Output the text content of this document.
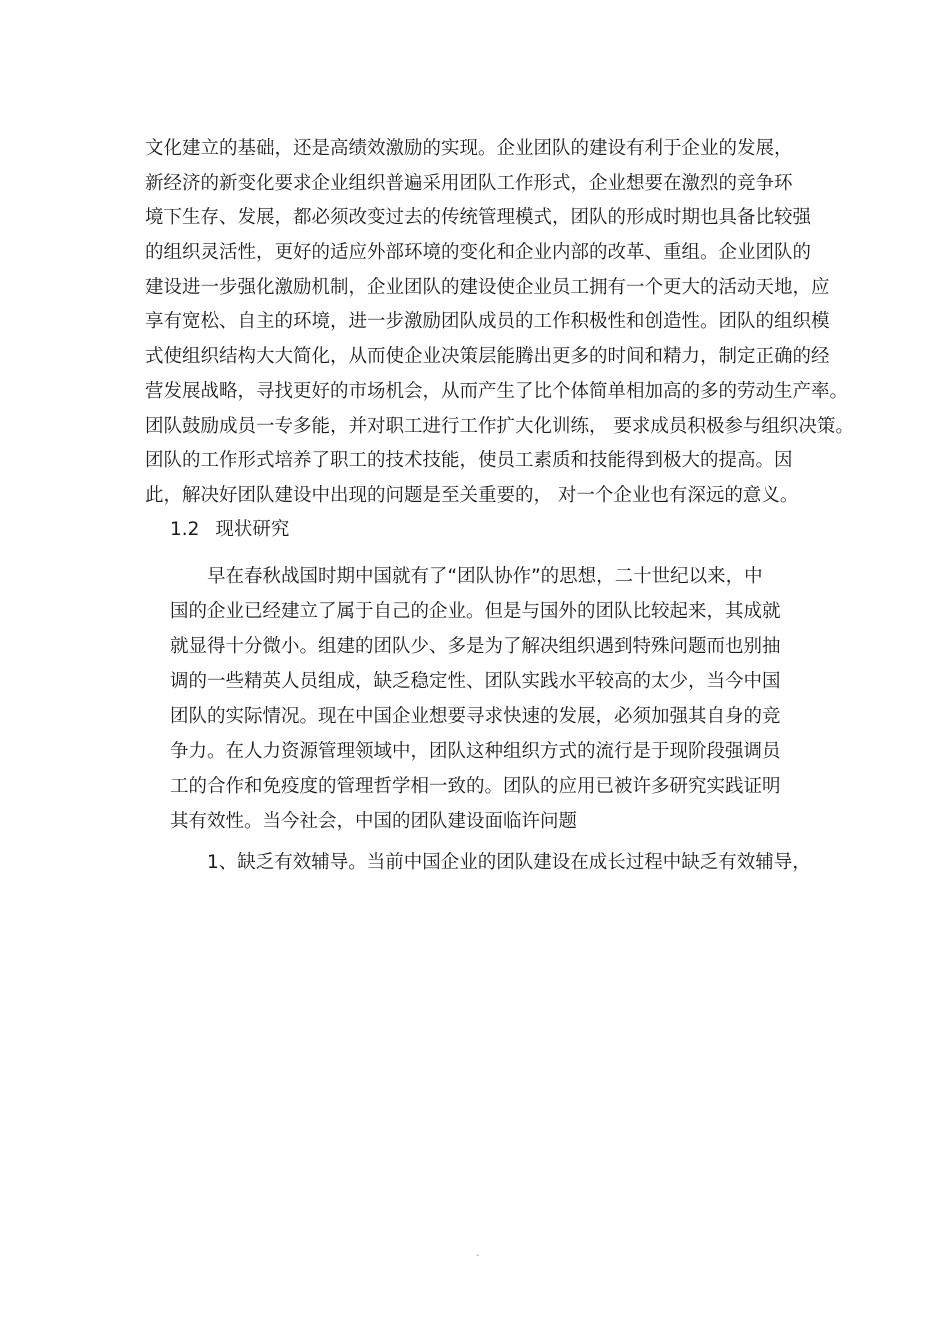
文化建立的基础，还是高绩效激励的实现。企业团队的建设有利于企业的发展，
新经济的新变化要求企业组织普遍采用团队工作形式，企业想要在激烈的竞争环
境下生存、发展，都必须改变过去的传统管理模式，团队的形成时期也具备比较强
的组织灵活性，更好的适应外部环境的变化和企业内部的改革、重组。企业团队的
建设进一步强化激励机制，企业团队的建设使企业员工拥有一个更大的活动天地，应
享有宽松、自主的环境，进一步激励团队成员的工作积极性和创造性。团队的组织模
式使组织结构大大简化，从而使企业决策层能腾出更多的时间和精力，制定正确的经
营发展战略，寻找更好的市场机会，从而产生了比个体简单相加高的多的劳动生产率。
团队鼓励成员一专多能，并对职工进行工作扩大化训练， 要求成员积极参与组织决策。
团队的工作形式培养了职工的技术技能，使员工素质和技能得到极大的提高。因
此，解决好团队建设中出现的问题是至关重要的， 对一个企业也有深远的意义。
1.2 现状研究
早在春秋战国时期中国就有了“团队协作”的思想，二十世纪以来，中
国的企业已经建立了属于自己的企业。但是与国外的团队比较起来，其成就
就显得十分微小。组建的团队少、多是为了解决组织遇到特殊问题而也别抽
调的一些精英人员组成，缺乏稳定性、团队实践水平较高的太少，当今中国
团队的实际情况。现在中国企业想要寻求快速的发展，必须加强其自身的竞
争力。在人力资源管理领域中，团队这种组织方式的流行是于现阶段强调员
工的合作和免疫度的管理哲学相一致的。团队的应用已被许多研究实践证明
其有效性。当今社会，中国的团队建设面临许问题
1、缺乏有效辅导。当前中国企业的团队建设在成长过程中缺乏有效辅导，
-
